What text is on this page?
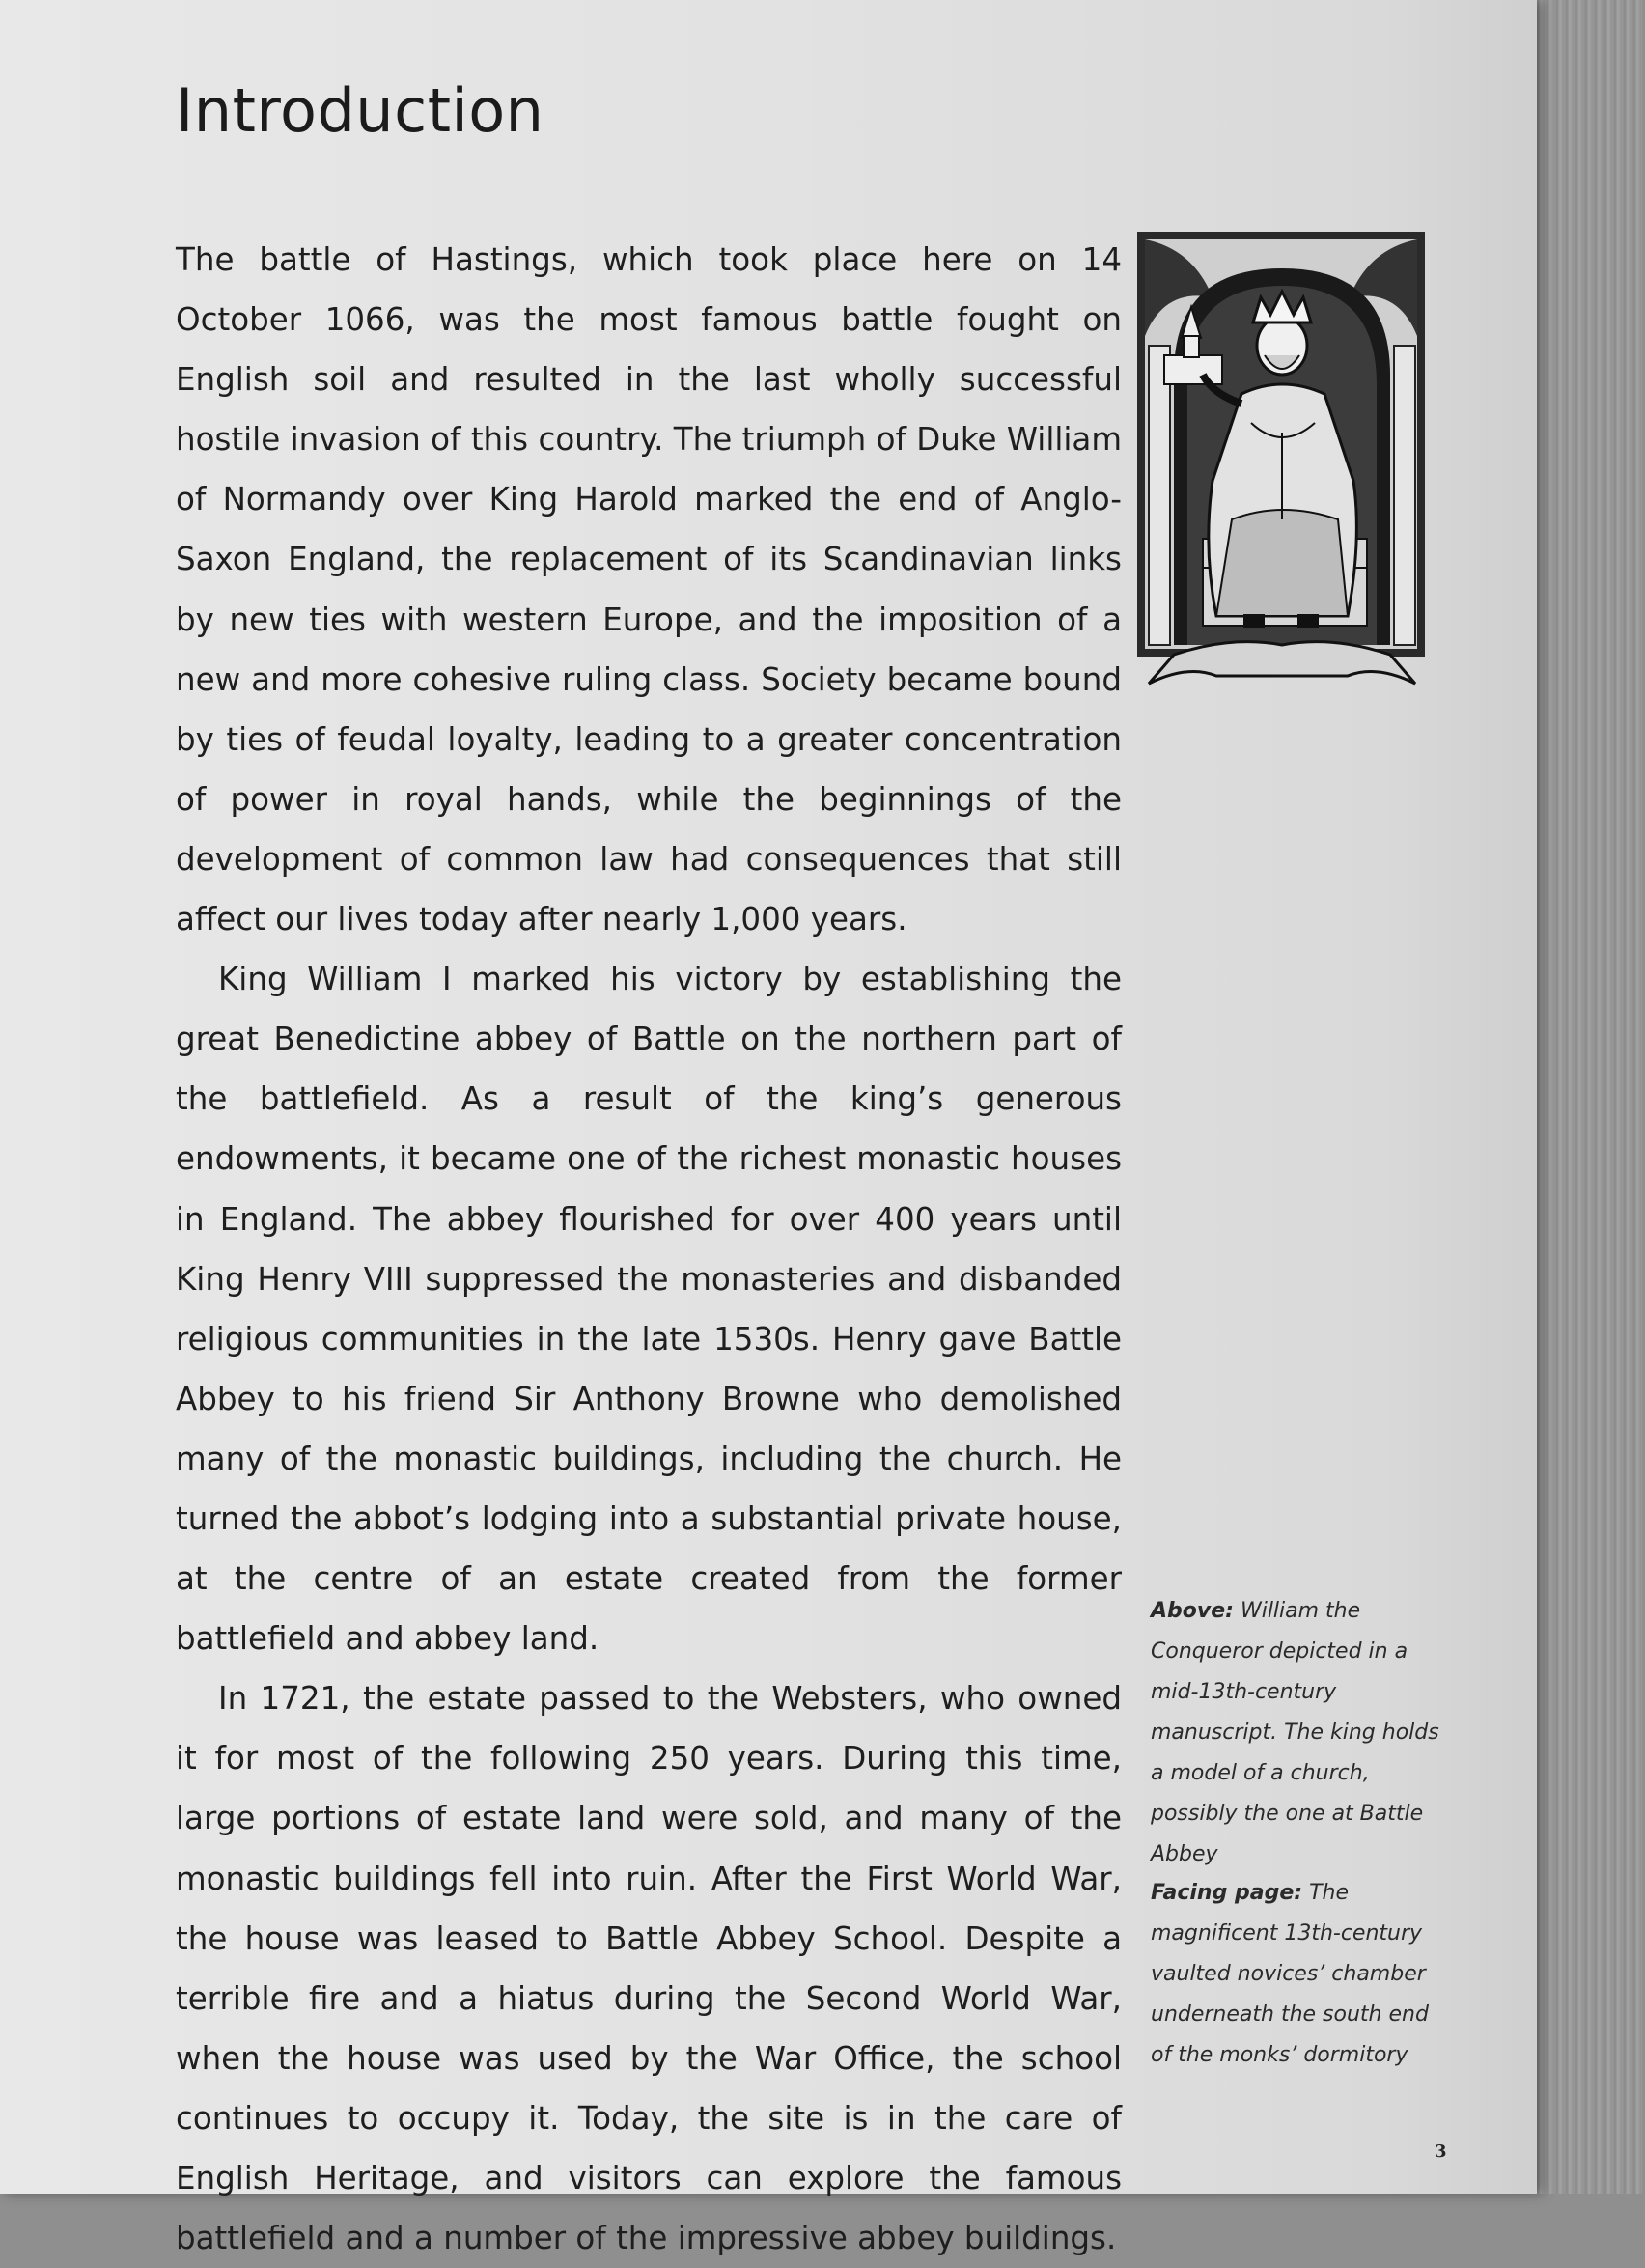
Introduction

The battle of Hastings, which took place here on 14 October 1066, was the most famous battle fought on English soil and resulted in the last wholly successful hostile invasion of this country. The triumph of Duke William of Normandy over King Harold marked the end of Anglo-Saxon England, the replacement of its Scandinavian links by new ties with western Europe, and the imposition of a new and more cohesive ruling class. Society became bound by ties of feudal loyalty, leading to a greater concentration of power in royal hands, while the beginnings of the development of common law had consequences that still affect our lives today after nearly 1,000 years.

King William I marked his victory by establishing the great Benedictine abbey of Battle on the northern part of the battlefield. As a result of the king’s generous endowments, it became one of the richest monastic houses in England. The abbey flourished for over 400 years until King Henry VIII suppressed the monasteries and disbanded religious communities in the late 1530s. Henry gave Battle Abbey to his friend Sir Anthony Browne who demolished many of the monastic buildings, including the church. He turned the abbot’s lodging into a substantial private house, at the centre of an estate created from the former battlefield and abbey land.

In 1721, the estate passed to the Websters, who owned it for most of the following 250 years. During this time, large portions of estate land were sold, and many of the monastic buildings fell into ruin. After the First World War, the house was leased to Battle Abbey School. Despite a terrible fire and a hiatus during the Second World War, when the house was used by the War Office, the school continues to occupy it. Today, the site is in the care of English Heritage, and visitors can explore the famous battlefield and a number of the impressive abbey buildings.

Above: William the Conqueror depicted in a mid-13th-century manuscript. The king holds a model of a church, possibly the one at Battle Abbey
Facing page: The magnificent 13th-century vaulted novices’ chamber underneath the south end of the monks’ dormitory
3
